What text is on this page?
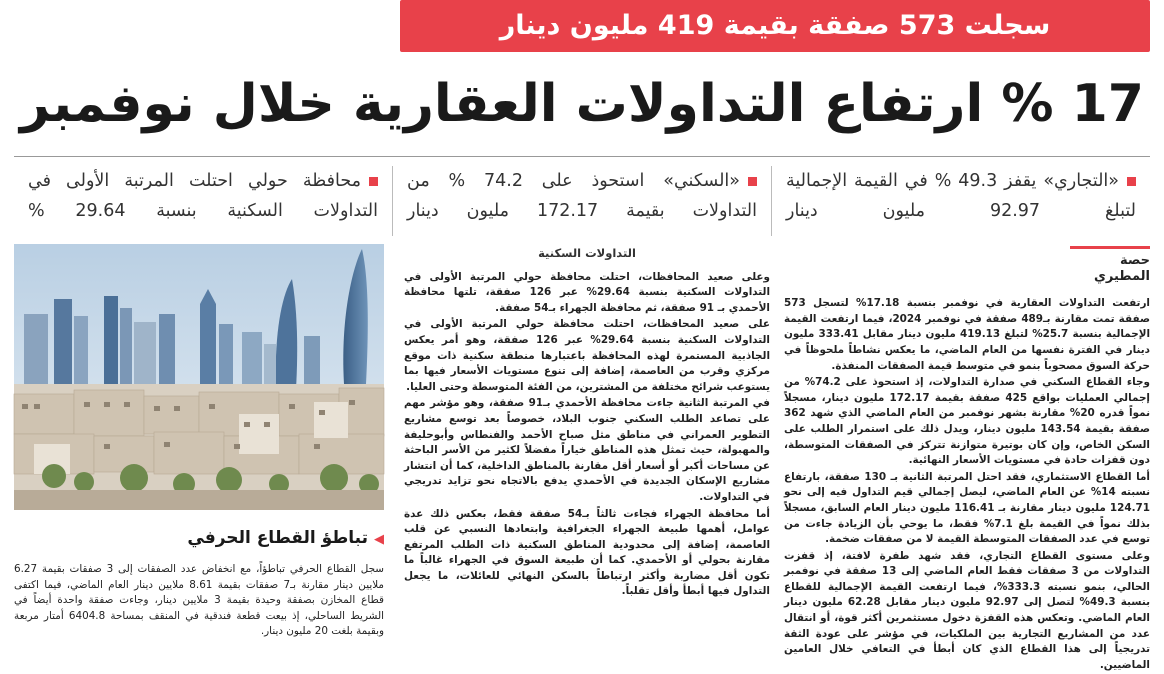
سجلت 573 صفقة بقيمة 419 مليون دينار
17 % ارتفاع التداولات العقارية خلال نوفمبر
«التجاري» يقفز 49.3 % في القيمة الإجمالية لتبلغ 92.97 مليون دينار
«السكني» استحوذ على 74.2 % من التداولات بقيمة 172.17 مليون دينار
محافظة حولي احتلت المرتبة الأولى في التداولات السكنية بنسبة 29.64 %
حصة المطيري

ارتفعت التداولات العقارية في نوفمبر بنسبة 17.18% لتسجل 573 صفقة تمت مقارنة بـ489 صفقة في نوفمبر 2024، فيما ارتفعت القيمة الإجمالية بنسبة 25.7% لتبلغ 419.13 مليون دينار مقابل 333.41 مليون دينار في الفترة نفسها من العام الماضي، ما يعكس نشاطاً ملحوظاً في حركة السوق مصحوباً بنمو في متوسط قيمة الصفقات المنفذة.

وجاء القطاع السكني في صدارة التداولات، إذ استحوذ على 74.2% من إجمالي العمليات بواقع 425 صفقة بقيمة 172.17 مليون دينار، مسجلاً نمواً قدره 20% مقارنة بشهر نوفمبر من العام الماضي الذي شهد 362 صفقة بقيمة 143.54 مليون دينار، ويدل ذلك على استمرار الطلب على السكن الخاص، وإن كان بوتيرة متوازنة تتركز في الصفقات المتوسطة، دون قفزات حادة في مستويات الأسعار النهائية.

أما القطاع الاستثماري، فقد احتل المرتبة الثانية بـ 130 صفقة، بارتفاع نسبته 14% عن العام الماضي، ليصل إجمالي قيم التداول فيه إلى نحو 124.71 مليون دينار مقارنة بـ 116.41 مليون دينار العام السابق، مسجلاً بذلك نمواً في القيمة بلغ 7.1% فقط، ما يوحي بأن الزيادة جاءت من توسع في عدد الصفقات المتوسطة القيمة لا من صفقات ضخمة.

وعلى مستوى القطاع التجاري، فقد شهد طفرة لافتة، إذ قفزت التداولات من 3 صفقات فقط العام الماضي إلى 13 صفقة في نوفمبر الحالي، بنمو نسبته 333.3%، فيما ارتفعت القيمة الإجمالية للقطاع بنسبة 49.3% لتصل إلى 92.97 مليون دينار مقابل 62.28 مليون دينار العام الماضي. وتعكس هذه القفزة دخول مستثمرين أكثر قوة، أو انتقال عدد من المشاريع التجارية بين الملكيات، في مؤشر على عودة الثقة تدريجياً إلى هذا القطاع الذي كان أبطأ في التعافي خلال العامين الماضيين.

التداولات السكنية

وعلى صعيد المحافظات، احتلت محافظة حولي المرتبة الأولى في التداولات السكنية بنسبة 29.64% عبر 126 صفقة، تلتها محافظة الأحمدي بـ 91 صفقة، ثم محافظة الجهراء بـ54 صفقة.

على صعيد المحافظات، احتلت محافظة حولي المرتبة الأولى في التداولات السكنية بنسبة 29.64% عبر 126 صفقة، وهو أمر يعكس الجاذبية المستمرة لهذه المحافظة باعتبارها منطقة سكنية ذات موقع مركزي وقرب من العاصمة، إضافة إلى تنوع مستويات الأسعار فيها بما يستوعب شرائح مختلفة من المشترين، من الفئة المتوسطة وحتى العليا.

في المرتبة الثانية جاءت محافظة الأحمدي بـ91 صفقة، وهو مؤشر مهم على تصاعد الطلب السكني جنوب البلاد، خصوصاً بعد توسع مشاريع التطوير العمراني في مناطق مثل صباح الأحمد والفنطاس وأبوحليفة والمهبولة، حيث تمثل هذه المناطق خياراً مفضلاً لكثير من الأسر الباحثة عن مساحات أكبر أو أسعار أقل مقارنة بالمناطق الداخلية، كما أن انتشار مشاريع الإسكان الجديدة في الأحمدي يدفع بالاتجاه نحو تزايد تدريجي في التداولات.

أما محافظة الجهراء فجاءت ثالثاً بـ54 صفقة فقط، بعكس ذلك عدة عوامل، أهمها طبيعة الجهراء الجغرافية وابتعادها النسبي عن قلب العاصمة، إضافة إلى محدودية المناطق السكنية ذات الطلب المرتفع مقارنة بحولي أو الأحمدي. كما أن طبيعة السوق في الجهراء غالباً ما تكون أقل مضاربة وأكثر ارتباطاً بالسكن النهائي للعائلات، ما يجعل التداول فيها أبطأ وأقل تقلباً.

◀تباطؤ القطاع الحرفي

سجل القطاع الحرفي تباطؤاً، مع انخفاض عدد الصفقات إلى 3 صفقات بقيمة 6.27 ملايين دينار مقارنة بـ7 صفقات بقيمة 8.61 ملايين دينار العام الماضي، فيما اكتفى قطاع المخازن بصفقة وحيدة بقيمة 3 ملايين دينار، وجاءت صفقة واحدة أيضاً في الشريط الساحلي، إذ بيعت قطعة فندقية في المنقف بمساحة 6404.8 أمتار مربعة وبقيمة بلغت 20 مليون دينار.
